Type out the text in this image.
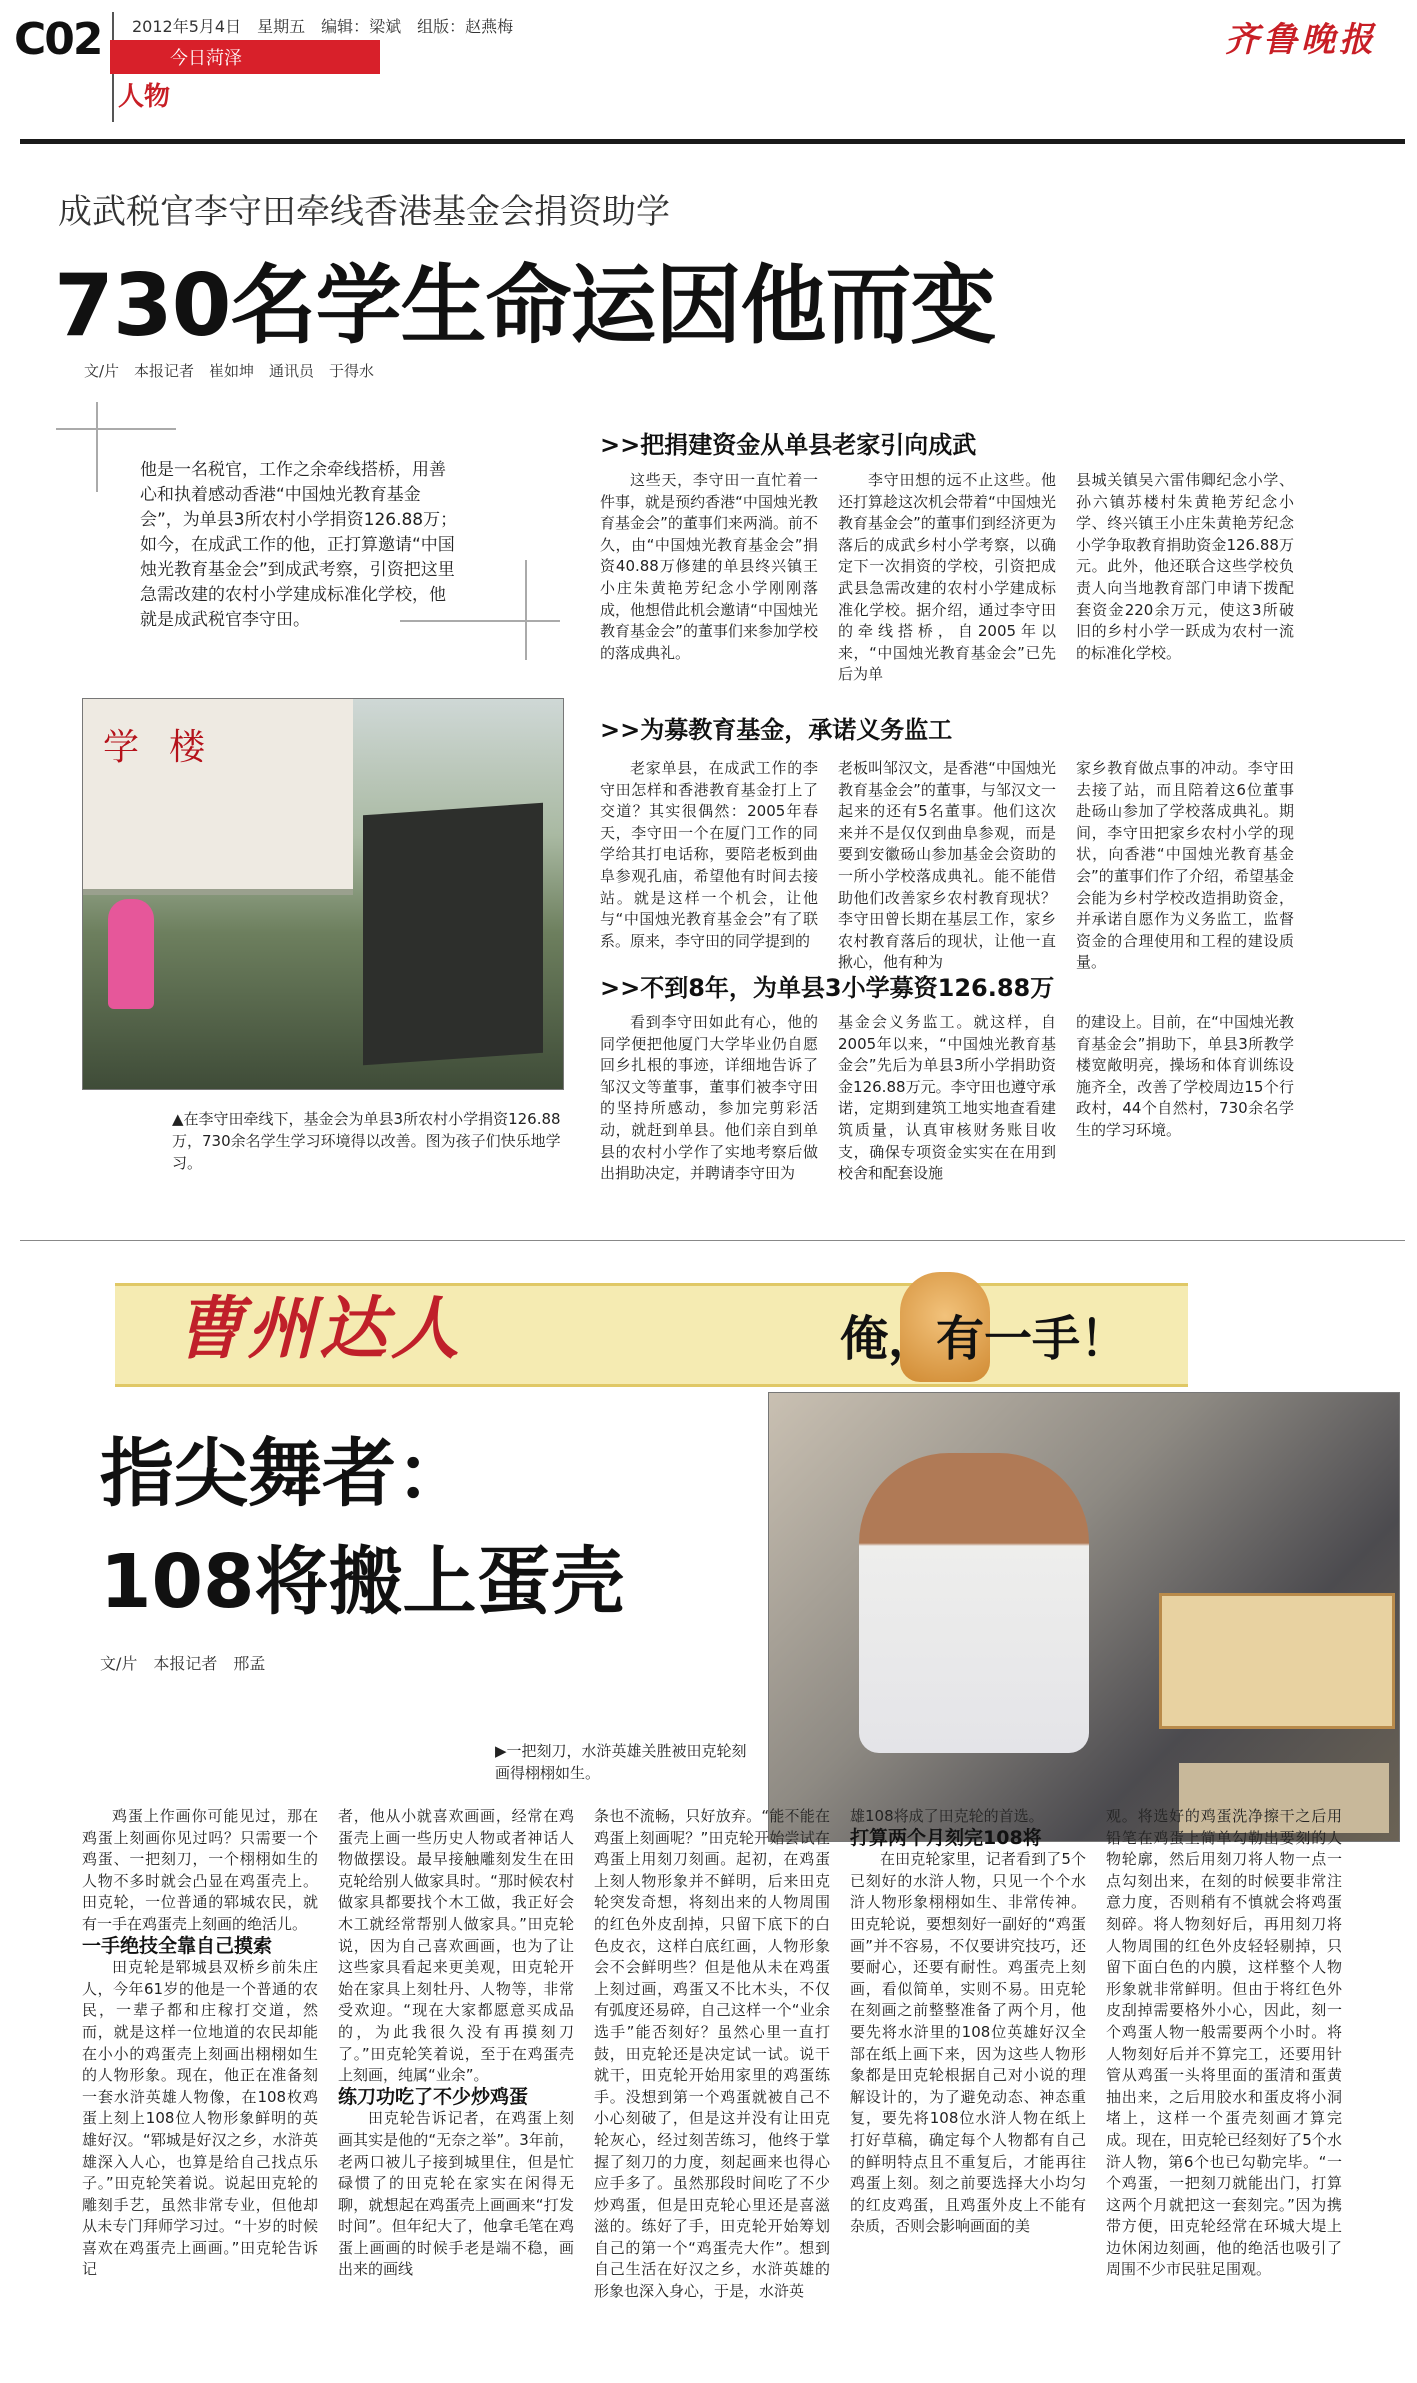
C02 2012年5月4日　星期五　编辑：梁斌　组版：赵燕梅
今日菏泽
人物
齐鲁晚报
成武税官李守田牵线香港基金会捐资助学
730名学生命运因他而变
文/片　本报记者　崔如坤　通讯员　于得水
他是一名税官，工作之余牵线搭桥，用善心和执着感动香港“中国烛光教育基金会”，为单县3所农村小学捐资126.88万；如今，在成武工作的他，正打算邀请“中国烛光教育基金会”到成武考察，引资把这里急需改建的农村小学建成标准化学校，他就是成武税官李守田。
学楼
▲在李守田牵线下，基金会为单县3所农村小学捐资126.88万，730余名学生学习环境得以改善。图为孩子们快乐地学习。
>>把捐建资金从单县老家引向成武

这些天，李守田一直忙着一件事，就是预约香港“中国烛光教育基金会”的董事们来两淌。前不久，由“中国烛光教育基金会”捐资40.88万修建的单县终兴镇王小庄朱黄艳芳纪念小学刚刚落成，他想借此机会邀请“中国烛光教育基金会”的董事们来参加学校的落成典礼。

李守田想的远不止这些。他还打算趁这次机会带着“中国烛光教育基金会”的董事们到经济更为落后的成武乡村小学考察，以确定下一次捐资的学校，引资把成武县急需改建的农村小学建成标准化学校。据介绍，通过李守田的牵线搭桥，自2005年以来，“中国烛光教育基金会”已先后为单

县城关镇吴六雷伟卿纪念小学、孙六镇苏楼村朱黄艳芳纪念小学、终兴镇王小庄朱黄艳芳纪念小学争取教育捐助资金126.88万元。此外，他还联合这些学校负责人向当地教育部门申请下拨配套资金220余万元，使这3所破旧的乡村小学一跃成为农村一流的标准化学校。

>>为募教育基金，承诺义务监工

老家单县，在成武工作的李守田怎样和香港教育基金打上了交道？其实很偶然：2005年春天，李守田一个在厦门工作的同学给其打电话称，要陪老板到曲阜参观孔庙，希望他有时间去接站。就是这样一个机会，让他与“中国烛光教育基金会”有了联系。原来，李守田的同学提到的

老板叫邹汉文，是香港“中国烛光教育基金会”的董事，与邹汉文一起来的还有5名董事。他们这次来并不是仅仅到曲阜参观，而是要到安徽砀山参加基金会资助的一所小学校落成典礼。能不能借助他们改善家乡农村教育现状？李守田曾长期在基层工作，家乡农村教育落后的现状，让他一直揪心，他有种为

家乡教育做点事的冲动。李守田去接了站，而且陪着这6位董事赴砀山参加了学校落成典礼。期间，李守田把家乡农村小学的现状，向香港“中国烛光教育基金会”的董事们作了介绍，希望基金会能为乡村学校改造捐助资金，并承诺自愿作为义务监工，监督资金的合理使用和工程的建设质量。

>>不到8年，为单县3小学募资126.88万

看到李守田如此有心，他的同学便把他厦门大学毕业仍自愿回乡扎根的事迹，详细地告诉了邹汉文等董事，董事们被李守田的坚持所感动，参加完剪彩活动，就赶到单县。他们亲自到单县的农村小学作了实地考察后做出捐助决定，并聘请李守田为

基金会义务监工。就这样，自2005年以来，“中国烛光教育基金会”先后为单县3所小学捐助资金126.88万元。李守田也遵守承诺，定期到建筑工地实地查看建筑质量，认真审核财务账目收支，确保专项资金实实在在用到校舍和配套设施

的建设上。目前，在“中国烛光教育基金会”捐助下，单县3所教学楼宽敞明亮，操场和体育训练设施齐全，改善了学校周边15个行政村，44个自然村，730余名学生的学习环境。

曹州达人	俺，有一手！
指尖舞者：
108将搬上蛋壳
文/片　本报记者　邢孟
▶一把刻刀，水浒英雄关胜被田克轮刻画得栩栩如生。

鸡蛋上作画你可能见过，那在鸡蛋上刻画你见过吗？只需要一个鸡蛋、一把刻刀，一个栩栩如生的人物不多时就会凸显在鸡蛋壳上。田克轮，一位普通的郓城农民，就有一手在鸡蛋壳上刻画的绝活儿。

一手绝技全靠自己摸索

田克轮是郓城县双桥乡前朱庄人，今年61岁的他是一个普通的农民，一辈子都和庄稼打交道，然而，就是这样一位地道的农民却能在小小的鸡蛋壳上刻画出栩栩如生的人物形象。现在，他正在准备刻一套水浒英雄人物像，在108枚鸡蛋上刻上108位人物形象鲜明的英雄好汉。“郓城是好汉之乡，水浒英雄深入人心，也算是给自己找点乐子。”田克轮笑着说。说起田克轮的雕刻手艺，虽然非常专业，但他却从未专门拜师学习过。“十岁的时候喜欢在鸡蛋壳上画画。”田克轮告诉记

者，他从小就喜欢画画，经常在鸡蛋壳上画一些历史人物或者神话人物做摆设。最早接触雕刻发生在田克轮给别人做家具时。“那时候农村做家具都要找个木工做，我正好会木工就经常帮别人做家具。”田克轮说，因为自己喜欢画画，也为了让这些家具看起来更美观，田克轮开始在家具上刻牡丹、人物等，非常受欢迎。“现在大家都愿意买成品的，为此我很久没有再摸刻刀了。”田克轮笑着说，至于在鸡蛋壳上刻画，纯属“业余”。

练刀功吃了不少炒鸡蛋

田克轮告诉记者，在鸡蛋上刻画其实是他的“无奈之举”。3年前，老两口被儿子接到城里住，但是忙碌惯了的田克轮在家实在闲得无聊，就想起在鸡蛋壳上画画来“打发时间”。但年纪大了，他拿毛笔在鸡蛋上画画的时候手老是端不稳，画出来的画线

条也不流畅，只好放弃。“能不能在鸡蛋上刻画呢？”田克轮开始尝试在鸡蛋上用刻刀刻画。起初，在鸡蛋上刻人物形象并不鲜明，后来田克轮突发奇想，将刻出来的人物周围的红色外皮刮掉，只留下底下的白色皮衣，这样白底红画，人物形象会不会鲜明些？但是他从未在鸡蛋上刻过画，鸡蛋又不比木头，不仅有弧度还易碎，自己这样一个“业余选手”能否刻好？虽然心里一直打鼓，田克轮还是决定试一试。说干就干，田克轮开始用家里的鸡蛋练手。没想到第一个鸡蛋就被自己不小心刻破了，但是这并没有让田克轮灰心，经过刻苦练习，他终于掌握了刻刀的力度，刻起画来也得心应手多了。虽然那段时间吃了不少炒鸡蛋，但是田克轮心里还是喜滋滋的。练好了手，田克轮开始筹划自己的第一个“鸡蛋壳大作”。想到自己生活在好汉之乡，水浒英雄的形象也深入身心，于是，水浒英

雄108将成了田克轮的首选。

打算两个月刻完108将

在田克轮家里，记者看到了5个已刻好的水浒人物，只见一个个水浒人物形象栩栩如生、非常传神。田克轮说，要想刻好一副好的“鸡蛋画”并不容易，不仅要讲究技巧，还要耐心，还要有耐性。鸡蛋壳上刻画，看似简单，实则不易。田克轮在刻画之前整整准备了两个月，他要先将水浒里的108位英雄好汉全部在纸上画下来，因为这些人物形象都是田克轮根据自己对小说的理解设计的，为了避免动态、神态重复，要先将108位水浒人物在纸上打好草稿，确定每个人物都有自己的鲜明特点且不重复后，才能再往鸡蛋上刻。刻之前要选择大小均匀的红皮鸡蛋，且鸡蛋外皮上不能有杂质，否则会影响画面的美

观。将选好的鸡蛋洗净擦干之后用铅笔在鸡蛋上简单勾勒出要刻的人物轮廓，然后用刻刀将人物一点一点勾刻出来，在刻的时候要非常注意力度，否则稍有不慎就会将鸡蛋刻碎。将人物刻好后，再用刻刀将人物周围的红色外皮轻轻剔掉，只留下面白色的内膜，这样整个人物形象就非常鲜明。但由于将红色外皮刮掉需要格外小心，因此，刻一个鸡蛋人物一般需要两个小时。将人物刻好后并不算完工，还要用针管从鸡蛋一头将里面的蛋清和蛋黄抽出来，之后用胶水和蛋皮将小洞堵上，这样一个蛋壳刻画才算完成。现在，田克轮已经刻好了5个水浒人物，第6个也已勾勒完毕。“一个鸡蛋，一把刻刀就能出门，打算这两个月就把这一套刻完。”因为携带方便，田克轮经常在环城大堤上边休闲边刻画，他的绝活也吸引了周围不少市民驻足围观。
